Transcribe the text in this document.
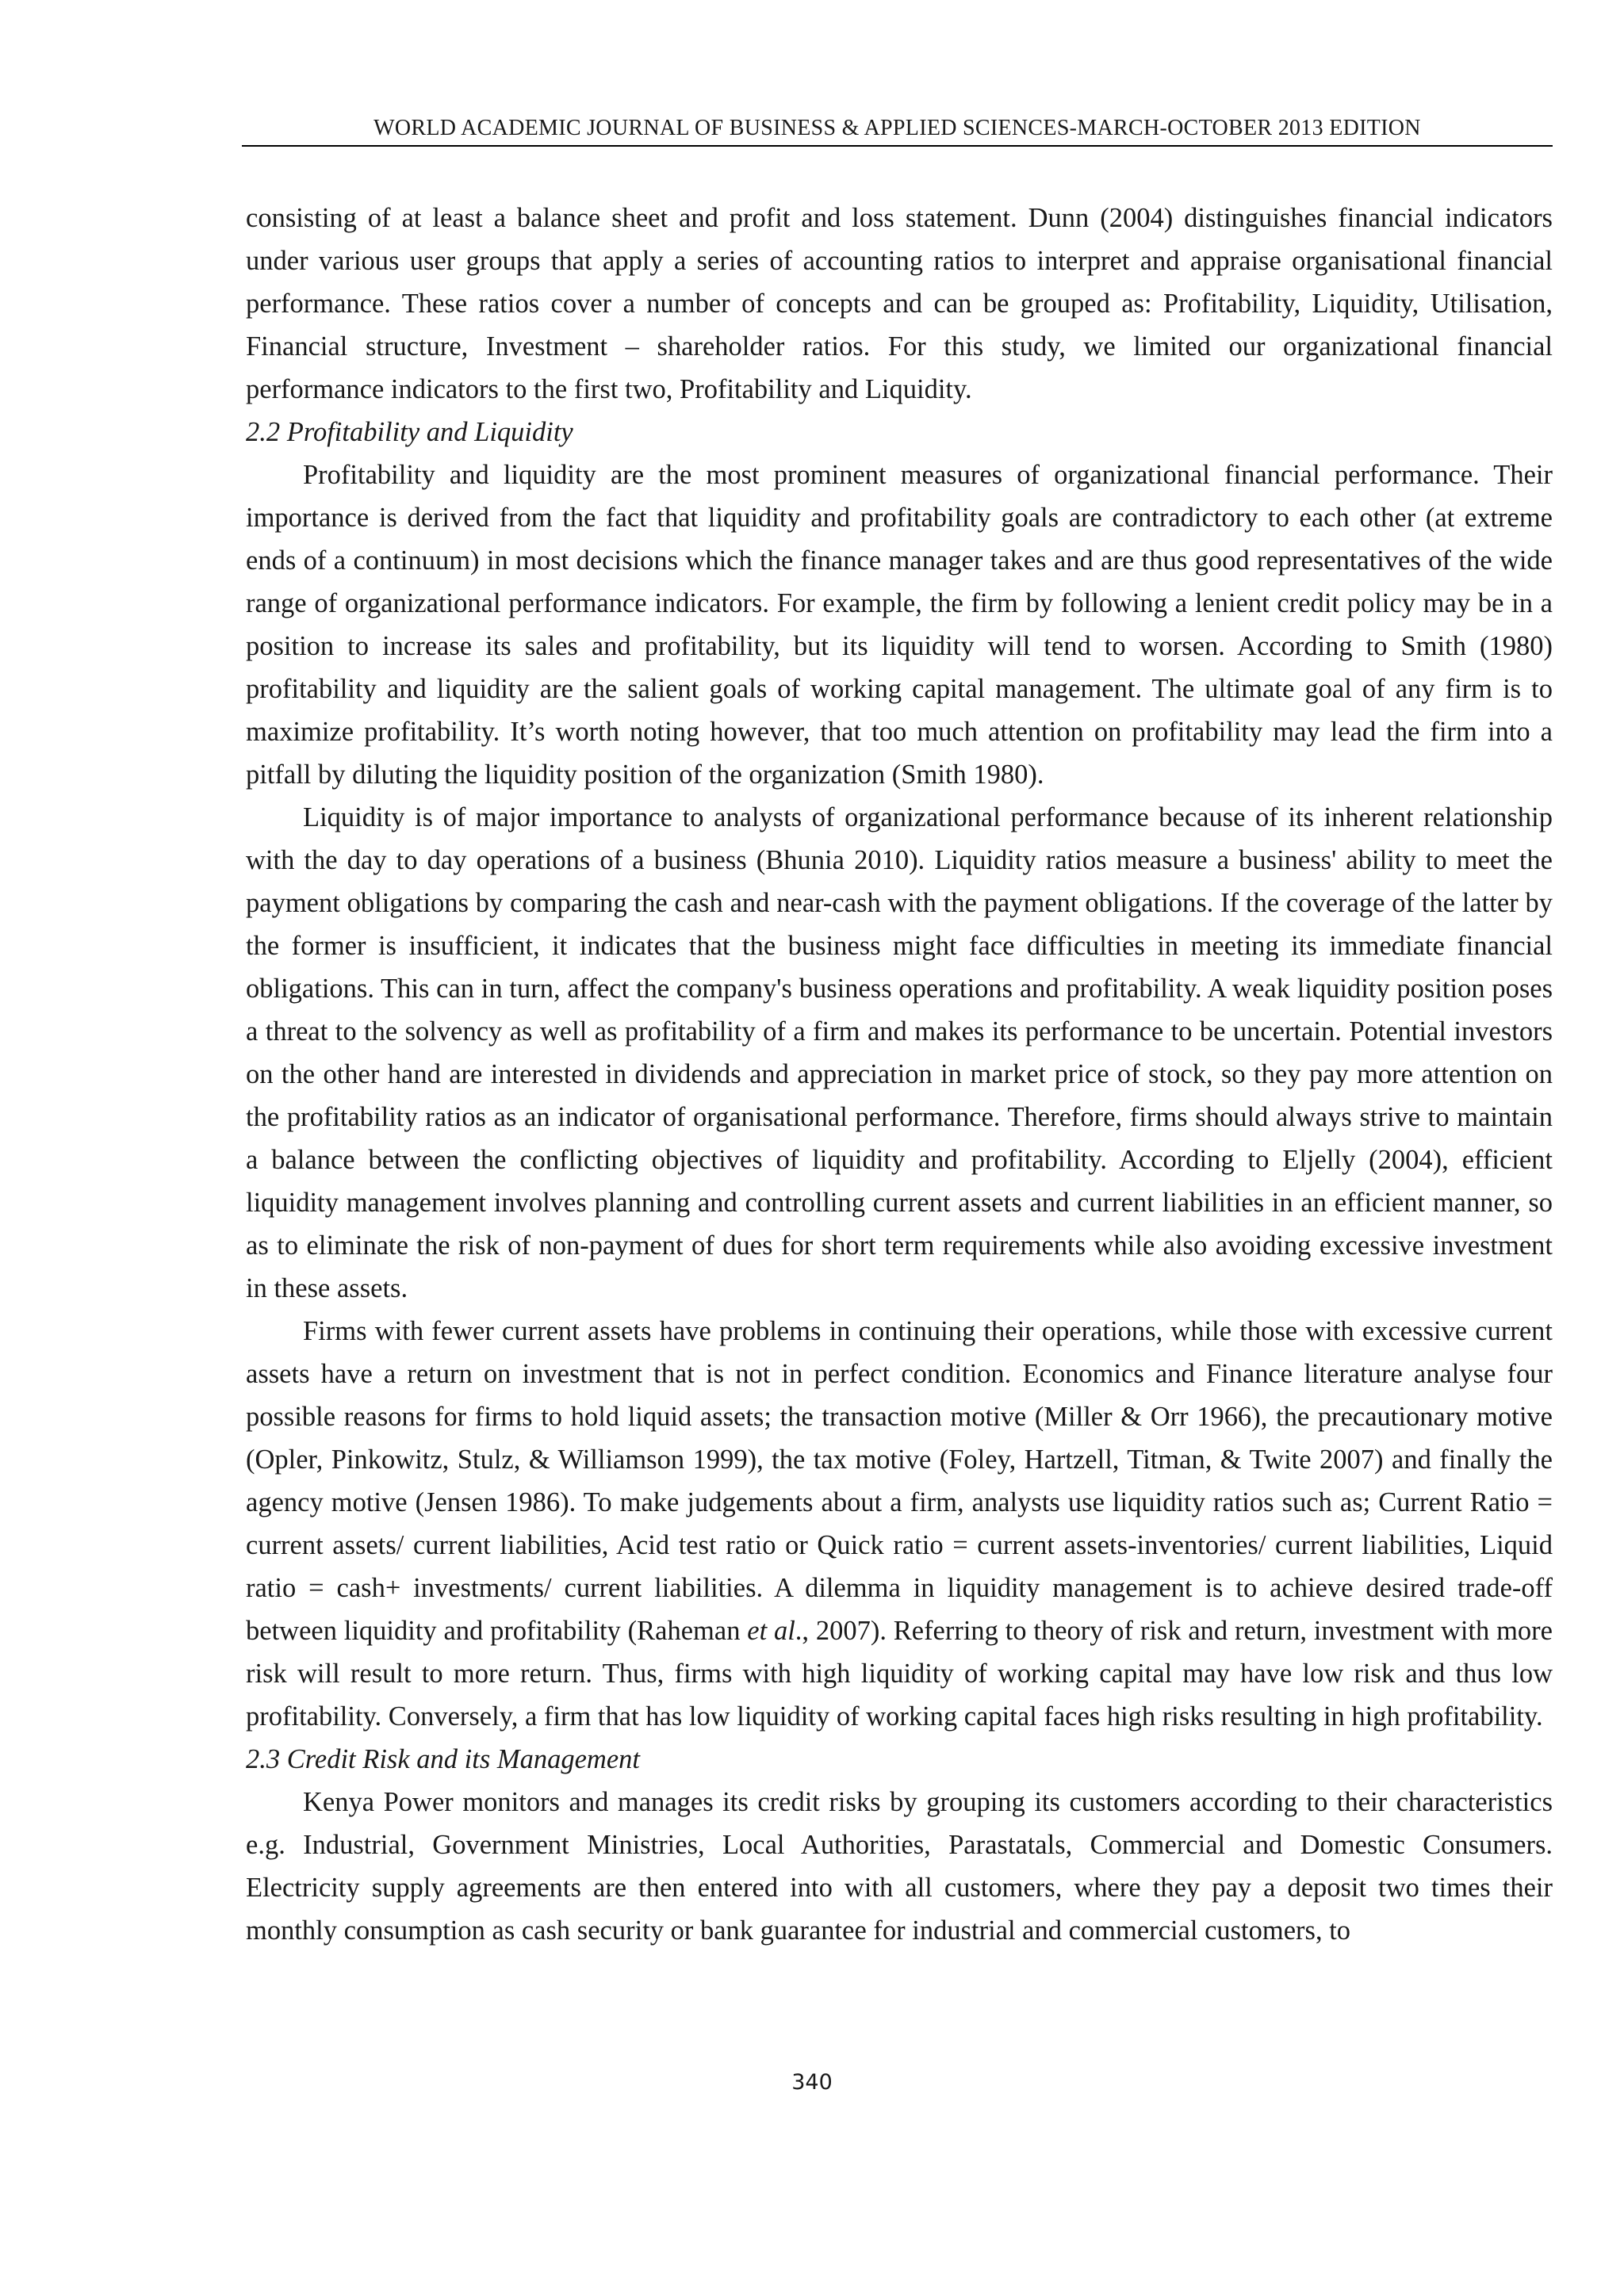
WORLD ACADEMIC JOURNAL OF BUSINESS & APPLIED SCIENCES-MARCH-OCTOBER 2013 EDITION

consisting of at least a balance sheet and profit and loss statement. Dunn (2004) distinguishes financial indicators under various user groups that apply a series of accounting ratios to interpret and appraise organisational financial performance. These ratios cover a number of concepts and can be grouped as: Profitability, Liquidity, Utilisation, Financial structure, Investment – shareholder ratios. For this study, we limited our organizational financial performance indicators to the first two, Profitability and Liquidity.

2.2 Profitability and Liquidity

Profitability and liquidity are the most prominent measures of organizational financial performance. Their importance is derived from the fact that liquidity and profitability goals are contradictory to each other (at extreme ends of a continuum) in most decisions which the finance manager takes and are thus good representatives of the wide range of organizational performance indicators. For example, the firm by following a lenient credit policy may be in a position to increase its sales and profitability, but its liquidity will tend to worsen. According to Smith (1980) profitability and liquidity are the salient goals of working capital management. The ultimate goal of any firm is to maximize profitability. It’s worth noting however, that too much attention on profitability may lead the firm into a pitfall by diluting the liquidity position of the organization (Smith 1980).

Liquidity is of major importance to analysts of organizational performance because of its inherent relationship with the day to day operations of a business (Bhunia 2010). Liquidity ratios measure a business' ability to meet the payment obligations by comparing the cash and near-cash with the payment obligations. If the coverage of the latter by the former is insufficient, it indicates that the business might face difficulties in meeting its immediate financial obligations. This can in turn, affect the company's business operations and profitability. A weak liquidity position poses a threat to the solvency as well as profitability of a firm and makes its performance to be uncertain. Potential investors on the other hand are interested in dividends and appreciation in market price of stock, so they pay more attention on the profitability ratios as an indicator of organisational performance. Therefore, firms should always strive to maintain a balance between the conflicting objectives of liquidity and profitability. According to Eljelly (2004), efficient liquidity management involves planning and controlling current assets and current liabilities in an efficient manner, so as to eliminate the risk of non-payment of dues for short term requirements while also avoiding excessive investment in these assets.

Firms with fewer current assets have problems in continuing their operations, while those with excessive current assets have a return on investment that is not in perfect condition. Economics and Finance literature analyse four possible reasons for firms to hold liquid assets; the transaction motive (Miller & Orr 1966), the precautionary motive (Opler, Pinkowitz, Stulz, & Williamson 1999), the tax motive (Foley, Hartzell, Titman, & Twite 2007) and finally the agency motive (Jensen 1986). To make judgements about a firm, analysts use liquidity ratios such as; Current Ratio = current assets/ current liabilities, Acid test ratio or Quick ratio = current assets-inventories/ current liabilities, Liquid ratio = cash+ investments/ current liabilities. A dilemma in liquidity management is to achieve desired trade-off between liquidity and profitability (Raheman et al., 2007). Referring to theory of risk and return, investment with more risk will result to more return. Thus, firms with high liquidity of working capital may have low risk and thus low profitability. Conversely, a firm that has low liquidity of working capital faces high risks resulting in high profitability.

2.3 Credit Risk and its Management

Kenya Power monitors and manages its credit risks by grouping its customers according to their characteristics e.g. Industrial, Government Ministries, Local Authorities, Parastatals, Commercial and Domestic Consumers. Electricity supply agreements are then entered into with all customers, where they pay a deposit two times their monthly consumption as cash security or bank guarantee for industrial and commercial customers, to

340
